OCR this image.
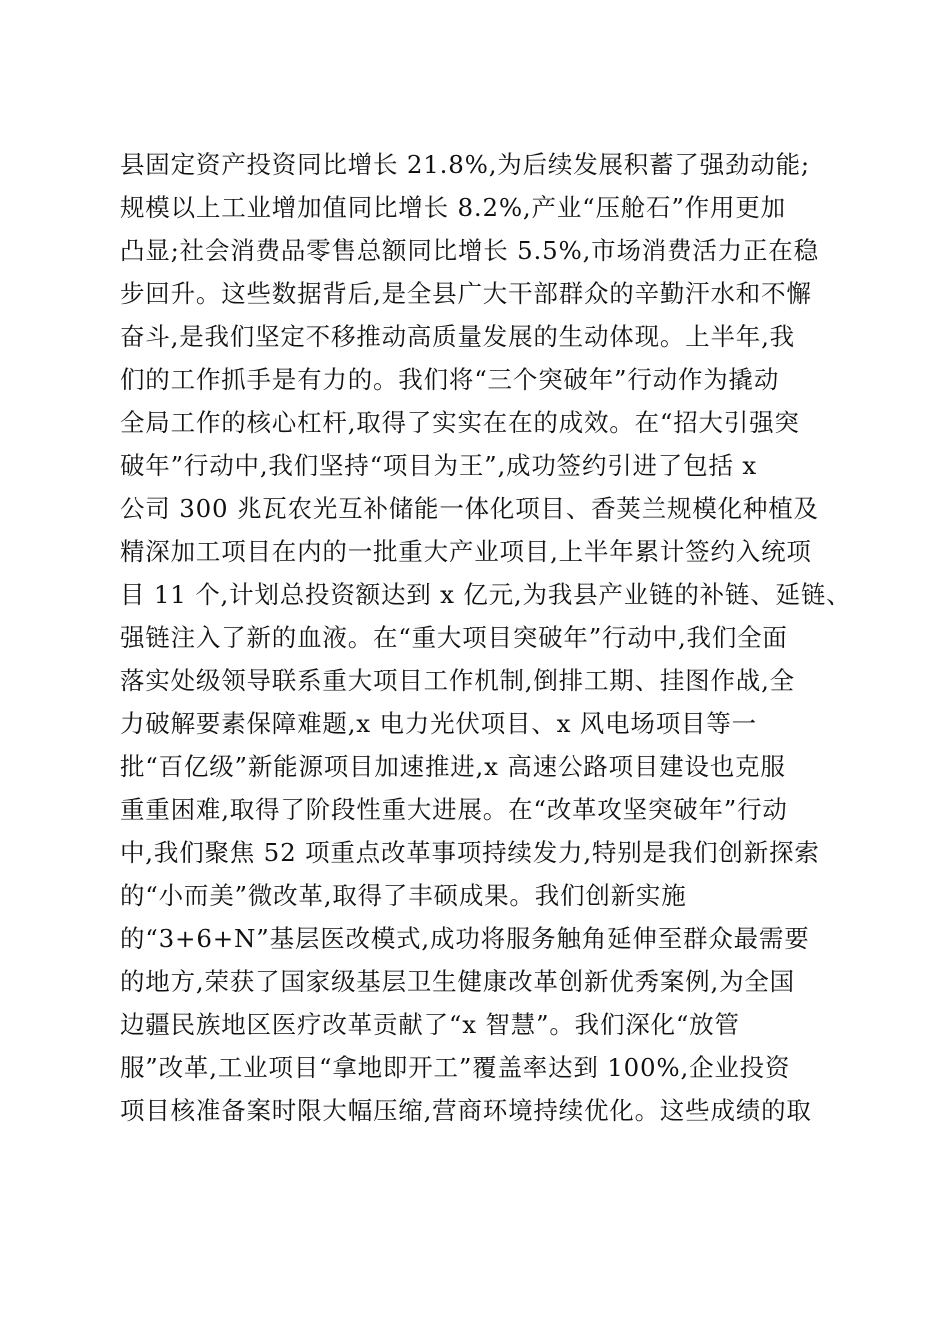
县固定资产投资同比增长 21.8%,为后续发展积蓄了强劲动能;
规模以上工业增加值同比增长 8.2%,产业“压舱石”作用更加
凸显;社会消费品零售总额同比增长 5.5%,市场消费活力正在稳
步回升。这些数据背后,是全县广大干部群众的辛勤汗水和不懈
奋斗,是我们坚定不移推动高质量发展的生动体现。上半年,我
们的工作抓手是有力的。我们将“三个突破年”行动作为撬动
全局工作的核心杠杆,取得了实实在在的成效。在“招大引强突
破年”行动中,我们坚持“项目为王”,成功签约引进了包括 x
公司 300 兆瓦农光互补储能一体化项目、香荚兰规模化种植及
精深加工项目在内的一批重大产业项目,上半年累计签约入统项
目 11 个,计划总投资额达到 x 亿元,为我县产业链的补链、延链、
强链注入了新的血液。在“重大项目突破年”行动中,我们全面
落实处级领导联系重大项目工作机制,倒排工期、挂图作战,全
力破解要素保障难题,x 电力光伏项目、x 风电场项目等一
批“百亿级”新能源项目加速推进,x 高速公路项目建设也克服
重重困难,取得了阶段性重大进展。在“改革攻坚突破年”行动
中,我们聚焦 52 项重点改革事项持续发力,特别是我们创新探索
的“小而美”微改革,取得了丰硕成果。我们创新实施
的“3+6+N”基层医改模式,成功将服务触角延伸至群众最需要
的地方,荣获了国家级基层卫生健康改革创新优秀案例,为全国
边疆民族地区医疗改革贡献了“x 智慧”。我们深化“放管
服”改革,工业项目“拿地即开工”覆盖率达到 100%,企业投资
项目核准备案时限大幅压缩,营商环境持续优化。这些成绩的取
